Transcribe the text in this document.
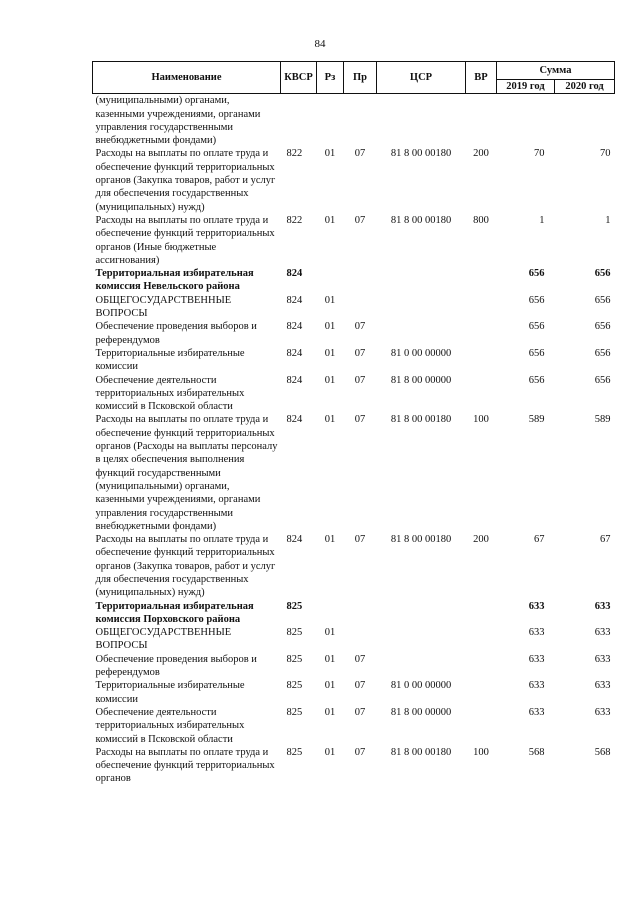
84
Наименование	КВСР	Рз	Пр	ЦСР	ВР	Сумма	
						2019 год	2020 год
(муниципальными) органами, казенными учреждениями, органами управления государственными внебюджетными фондами)							
Расходы на выплаты по оплате труда и обеспечение функций территориальных органов (Закупка товаров, работ и услуг для обеспечения государственных (муниципальных) нужд)	822	01	07	81 8 00 00180	200	70	70
Расходы на выплаты по оплате труда и обеспечение функций территориальных органов (Иные бюджетные ассигнования)	822	01	07	81 8 00 00180	800	1	1
Территориальная избирательная комиссия Невельского района	824					656	656
ОБЩЕГОСУДАРСТВЕННЫЕ ВОПРОСЫ	824	01				656	656
Обеспечение проведения выборов и референдумов	824	01	07			656	656
Территориальные избирательные комиссии	824	01	07	81 0 00 00000		656	656
Обеспечение деятельности территориальных избирательных комиссий в Псковской области	824	01	07	81 8 00 00000		656	656
Расходы на выплаты по оплате труда и обеспечение функций территориальных органов (Расходы на выплаты персоналу в целях обеспечения выполнения функций государственными (муниципальными) органами, казенными учреждениями, органами управления государственными внебюджетными фондами)	824	01	07	81 8 00 00180	100	589	589
Расходы на выплаты по оплате труда и обеспечение функций территориальных органов (Закупка товаров, работ и услуг для обеспечения государственных (муниципальных) нужд)	824	01	07	81 8 00 00180	200	67	67
Территориальная избирательная комиссия Порховского района	825					633	633
ОБЩЕГОСУДАРСТВЕННЫЕ ВОПРОСЫ	825	01				633	633
Обеспечение проведения выборов и референдумов	825	01	07			633	633
Территориальные избирательные комиссии	825	01	07	81 0 00 00000		633	633
Обеспечение деятельности территориальных избирательных комиссий в Псковской области	825	01	07	81 8 00 00000		633	633
Расходы на выплаты по оплате труда и обеспечение функций территориальных органов	825	01	07	81 8 00 00180	100	568	568
